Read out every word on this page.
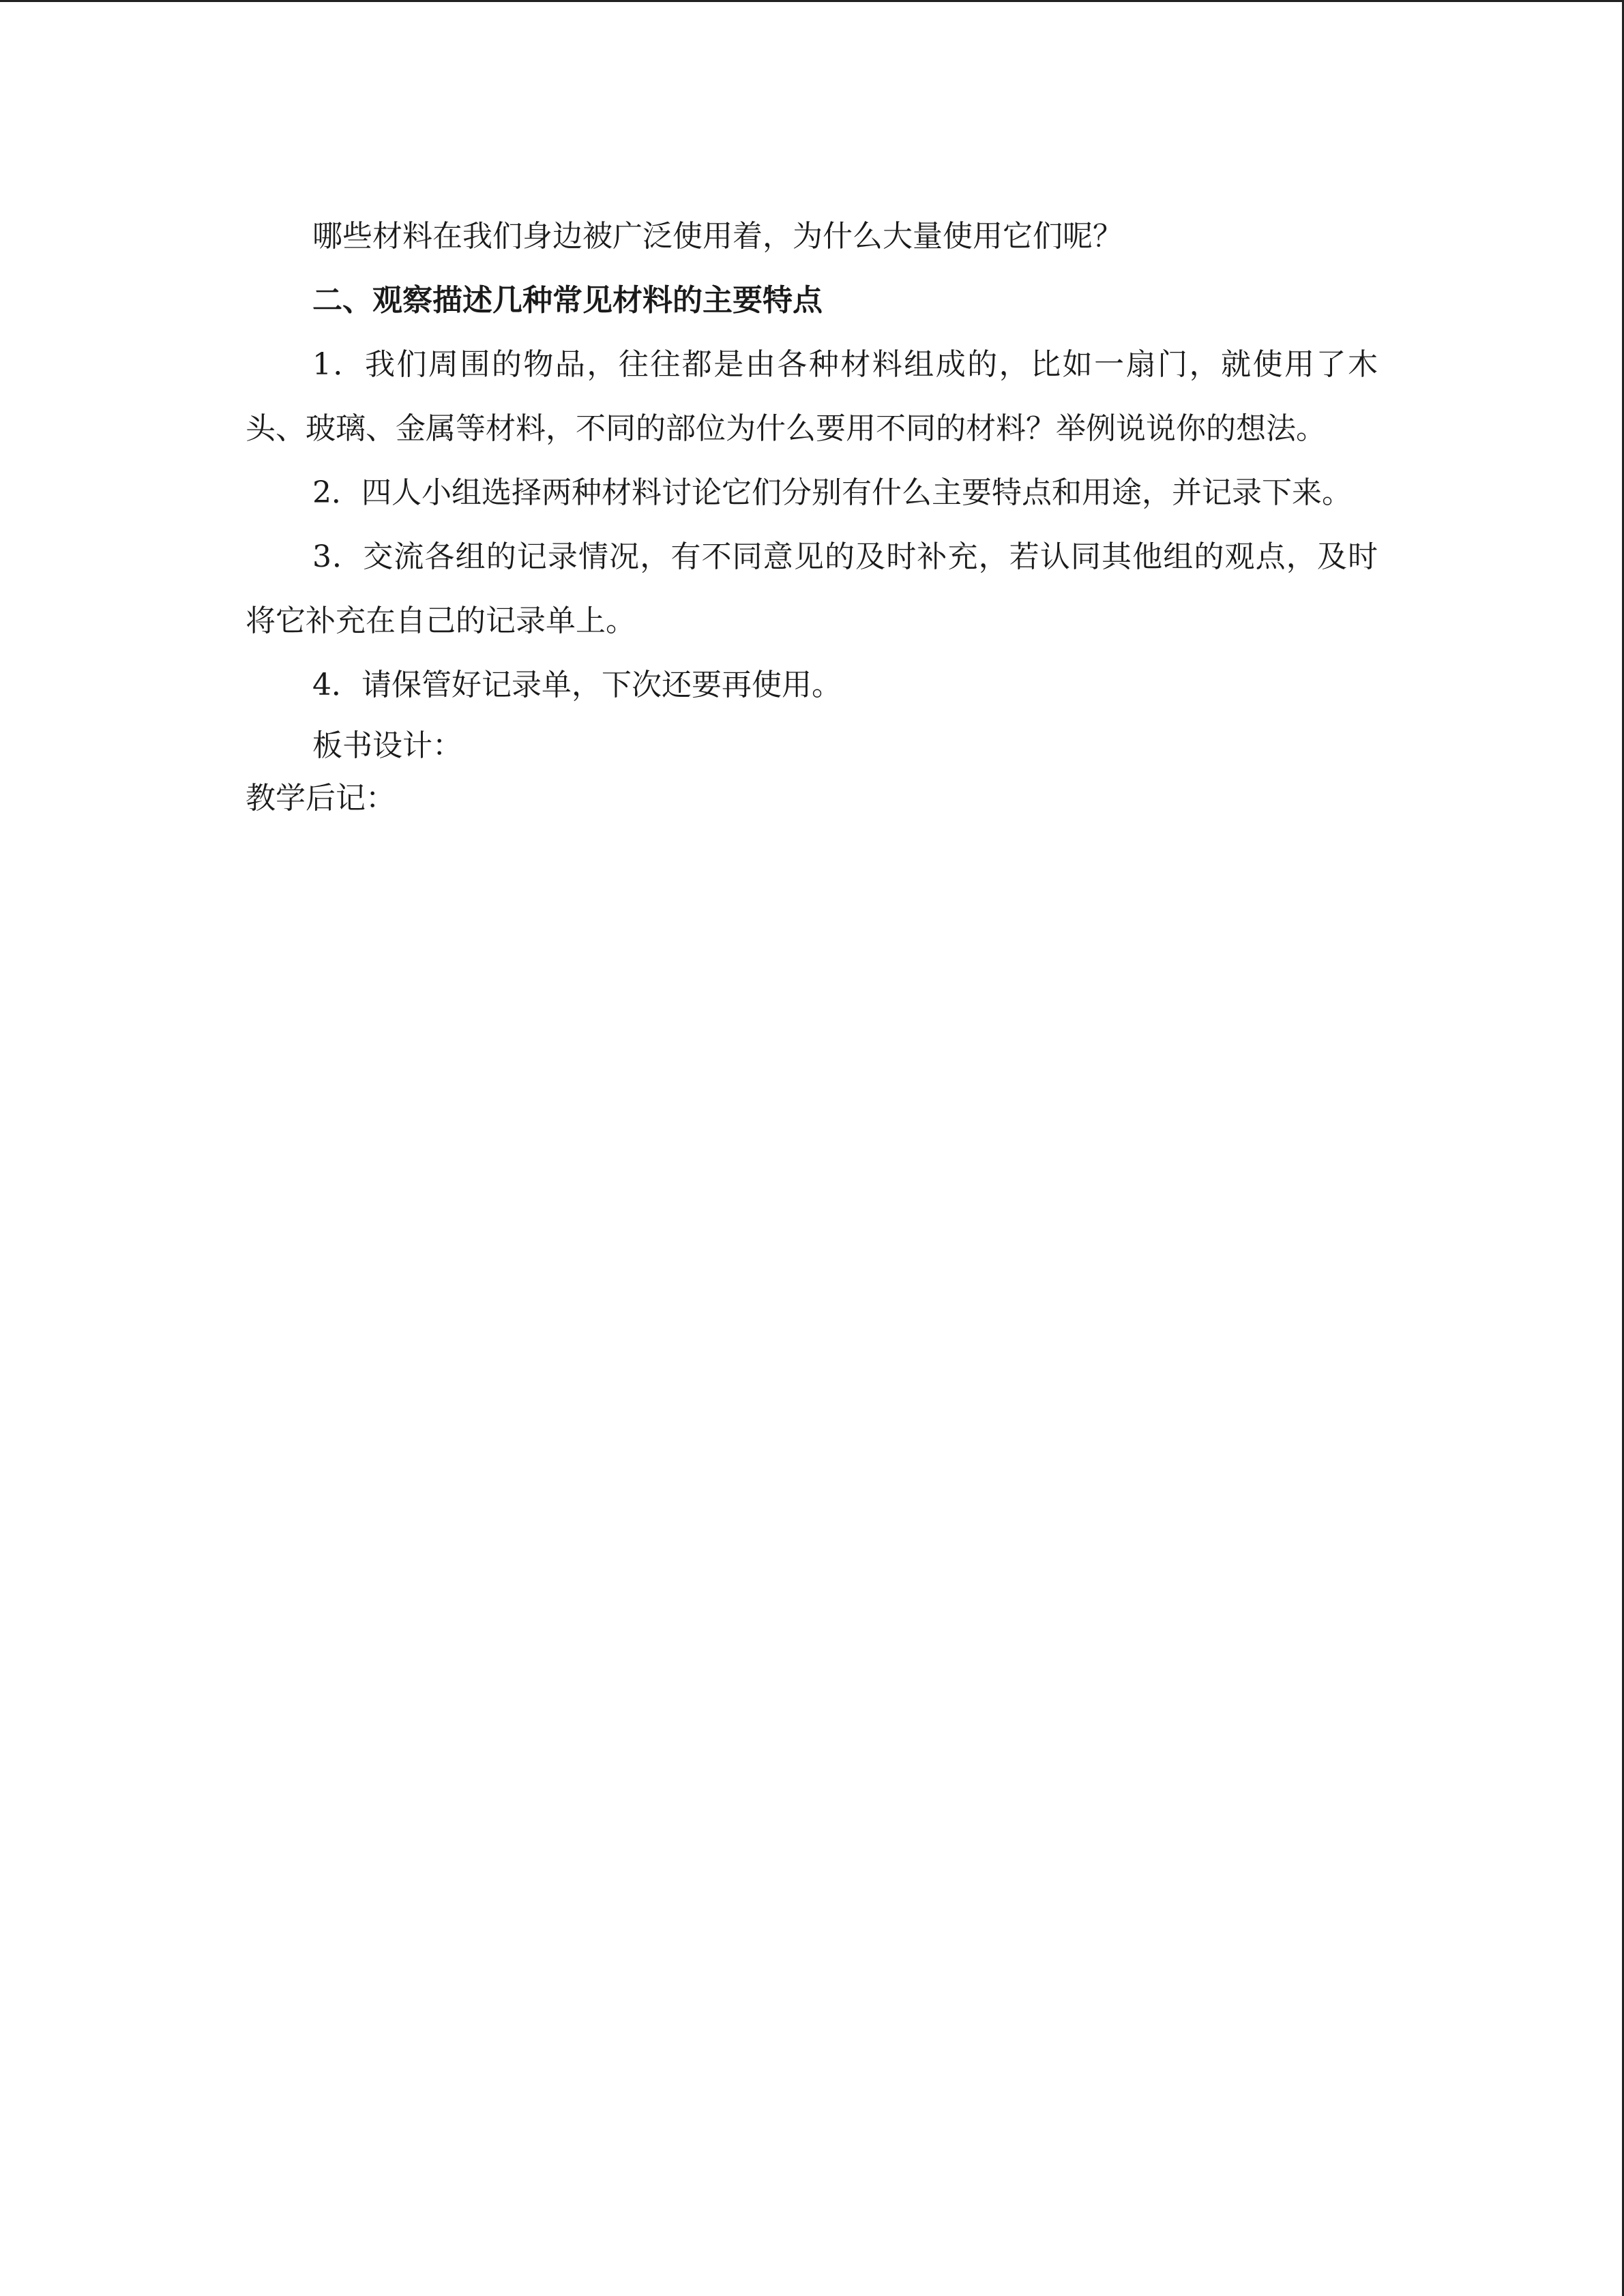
哪些材料在我们身边被广泛使用着，为什么大量使用它们呢？

二、观察描述几种常见材料的主要特点

1．我们周围的物品，往往都是由各种材料组成的，比如一扇门，就使用了木头、玻璃、金属等材料，不同的部位为什么要用不同的材料？举例说说你的想法。

2．四人小组选择两种材料讨论它们分别有什么主要特点和用途，并记录下来。

3．交流各组的记录情况，有不同意见的及时补充，若认同其他组的观点，及时将它补充在自己的记录单上。

4．请保管好记录单，下次还要再使用。

板书设计：

教学后记：
